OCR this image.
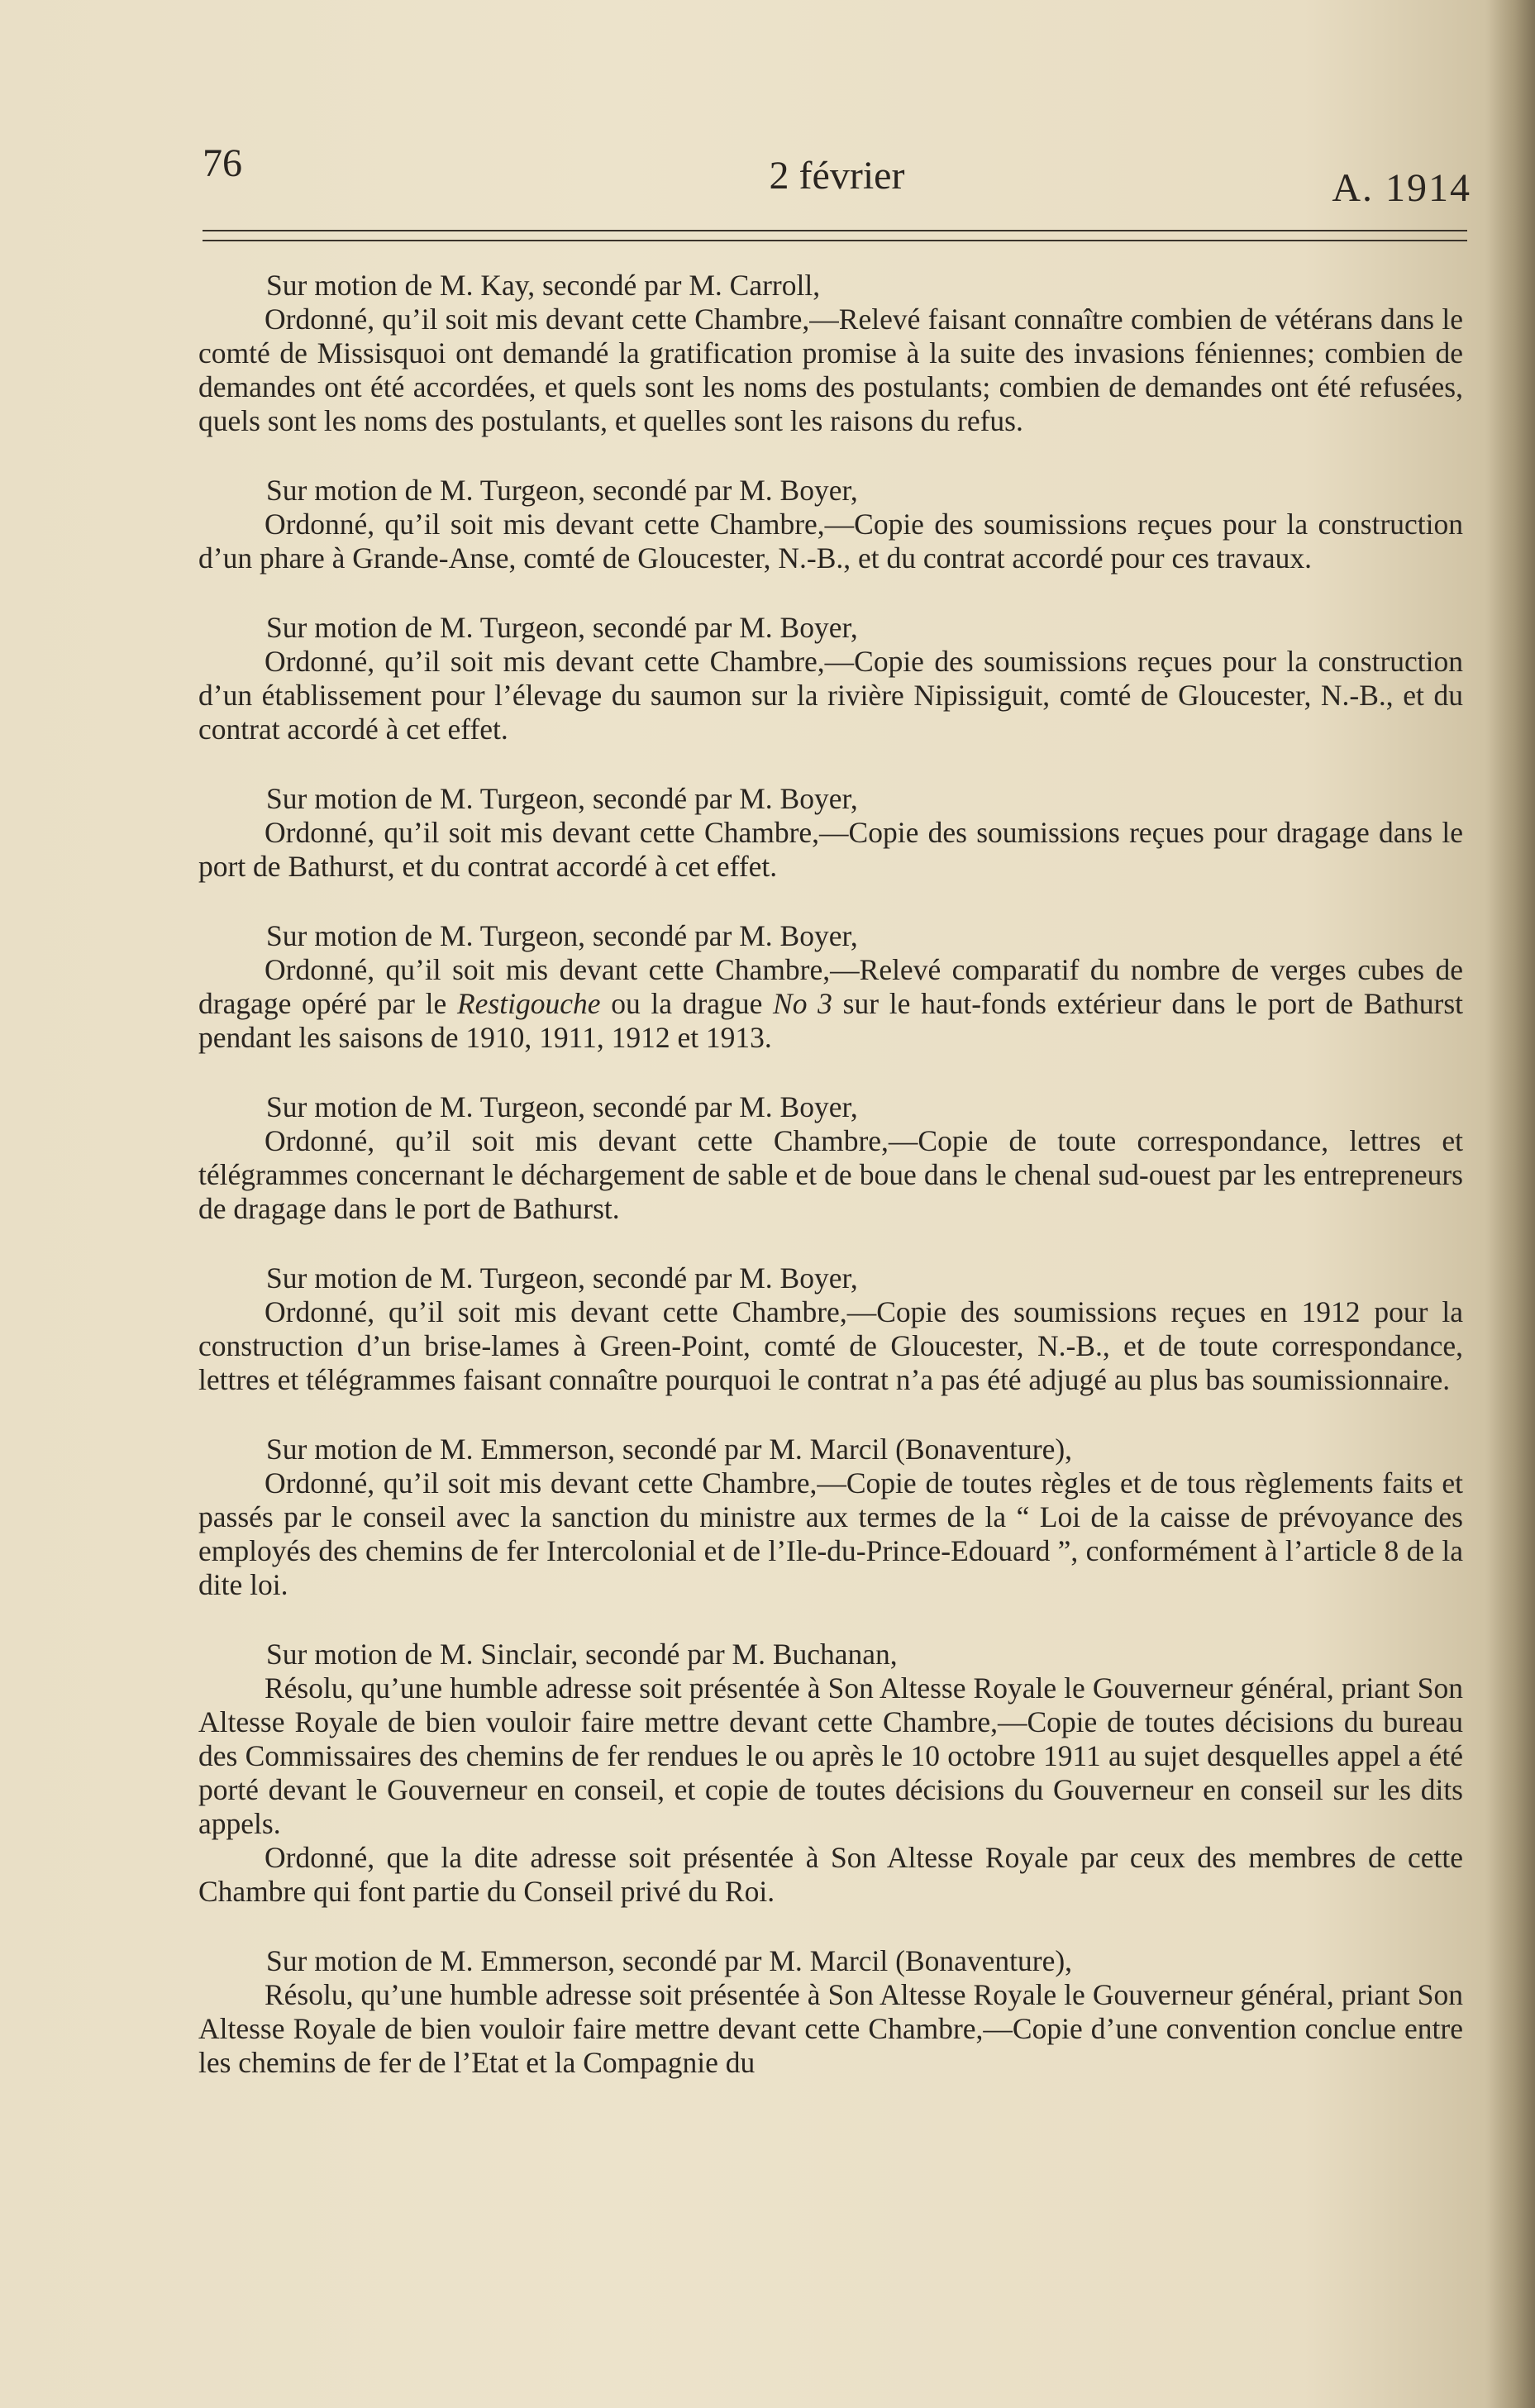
76	2 février	A. 1914

Sur motion de M. Kay, secondé par M. Carroll,

Ordonné, qu’il soit mis devant cette Chambre,—Relevé faisant connaître combien de vétérans dans le comté de Missisquoi ont demandé la gratification promise à la suite des invasions féniennes; combien de demandes ont été accordées, et quels sont les noms des postulants; combien de demandes ont été refusées, quels sont les noms des postulants, et quelles sont les raisons du refus.

Sur motion de M. Turgeon, secondé par M. Boyer,

Ordonné, qu’il soit mis devant cette Chambre,—Copie des soumissions reçues pour la construction d’un phare à Grande-Anse, comté de Gloucester, N.-B., et du contrat accordé pour ces travaux.

Sur motion de M. Turgeon, secondé par M. Boyer,

Ordonné, qu’il soit mis devant cette Chambre,—Copie des soumissions reçues pour la construction d’un établissement pour l’élevage du saumon sur la rivière Nipissiguit, comté de Gloucester, N.-B., et du contrat accordé à cet effet.

Sur motion de M. Turgeon, secondé par M. Boyer,

Ordonné, qu’il soit mis devant cette Chambre,—Copie des soumissions reçues pour dragage dans le port de Bathurst, et du contrat accordé à cet effet.

Sur motion de M. Turgeon, secondé par M. Boyer,

Ordonné, qu’il soit mis devant cette Chambre,—Relevé comparatif du nombre de verges cubes de dragage opéré par le Restigouche ou la drague No 3 sur le haut-fonds extérieur dans le port de Bathurst pendant les saisons de 1910, 1911, 1912 et 1913.

Sur motion de M. Turgeon, secondé par M. Boyer,

Ordonné, qu’il soit mis devant cette Chambre,—Copie de toute correspondance, lettres et télégrammes concernant le déchargement de sable et de boue dans le chenal sud-ouest par les entrepreneurs de dragage dans le port de Bathurst.

Sur motion de M. Turgeon, secondé par M. Boyer,

Ordonné, qu’il soit mis devant cette Chambre,—Copie des soumissions reçues en 1912 pour la construction d’un brise-lames à Green-Point, comté de Gloucester, N.-B., et de toute correspondance, lettres et télégrammes faisant connaître pourquoi le contrat n’a pas été adjugé au plus bas soumissionnaire.

Sur motion de M. Emmerson, secondé par M. Marcil (Bonaventure),

Ordonné, qu’il soit mis devant cette Chambre,—Copie de toutes règles et de tous règlements faits et passés par le conseil avec la sanction du ministre aux termes de la “ Loi de la caisse de prévoyance des employés des chemins de fer Intercolonial et de l’Ile-du-Prince-Edouard ”, conformément à l’article 8 de la dite loi.

Sur motion de M. Sinclair, secondé par M. Buchanan,

Résolu, qu’une humble adresse soit présentée à Son Altesse Royale le Gouverneur général, priant Son Altesse Royale de bien vouloir faire mettre devant cette Chambre,—Copie de toutes décisions du bureau des Commissaires des chemins de fer rendues le ou après le 10 octobre 1911 au sujet desquelles appel a été porté devant le Gouverneur en conseil, et copie de toutes décisions du Gouverneur en conseil sur les dits appels.

Ordonné, que la dite adresse soit présentée à Son Altesse Royale par ceux des membres de cette Chambre qui font partie du Conseil privé du Roi.

Sur motion de M. Emmerson, secondé par M. Marcil (Bonaventure),

Résolu, qu’une humble adresse soit présentée à Son Altesse Royale le Gouverneur général, priant Son Altesse Royale de bien vouloir faire mettre devant cette Chambre,—Copie d’une convention conclue entre les chemins de fer de l’Etat et la Compagnie du
